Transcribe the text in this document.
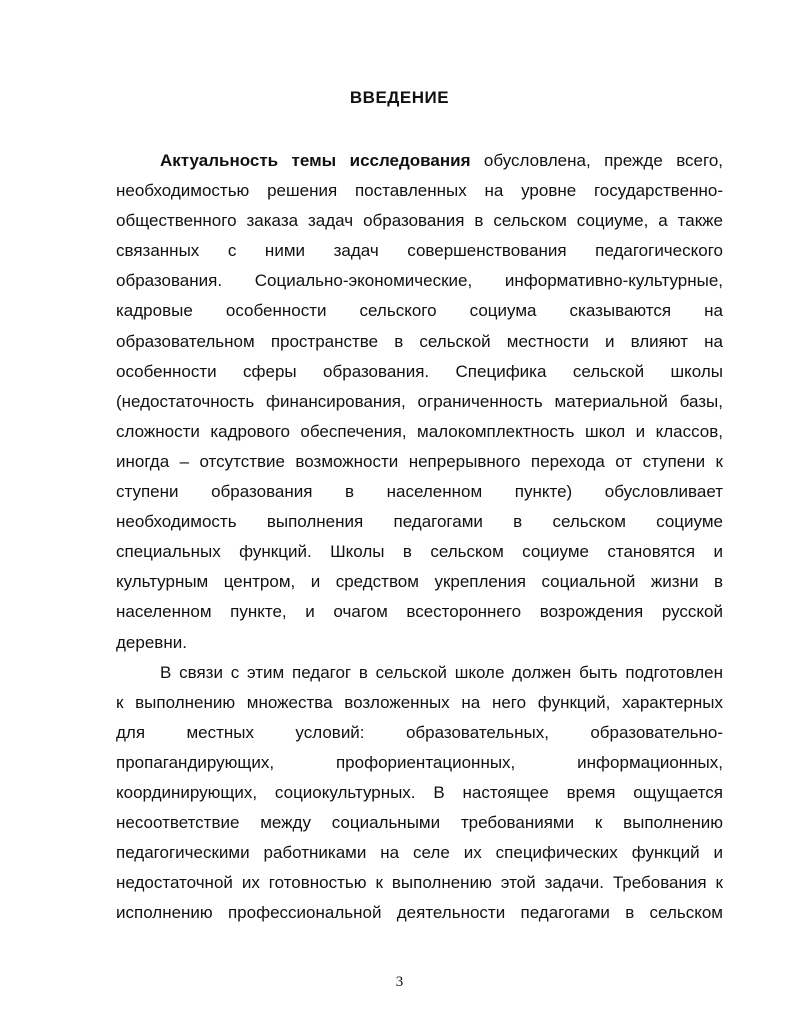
ВВЕДЕНИЕ
Актуальность темы исследования обусловлена, прежде всего,
необходимостью решения поставленных на уровне государственно-
общественного заказа задач образования в сельском социуме, а также
связанных с ними задач совершенствования педагогического
образования. Социально-экономические, информативно-культурные,
кадровые особенности сельского социума сказываются на
образовательном пространстве в сельской местности и влияют на
особенности сферы образования. Специфика сельской школы
(недостаточность финансирования, ограниченность материальной базы,
сложности кадрового обеспечения, малокомплектность школ и классов,
иногда – отсутствие возможности непрерывного перехода от ступени к
ступени образования в населенном пункте) обусловливает
необходимость выполнения педагогами в сельском социуме
специальных функций. Школы в сельском социуме становятся и
культурным центром, и средством укрепления социальной жизни в
населенном пункте, и очагом всестороннего возрождения русской
деревни.
В связи с этим педагог в сельской школе должен быть подготовлен
к выполнению множества возложенных на него функций, характерных
для местных условий: образовательных, образовательно-
пропагандирующих, профориентационных, информационных,
координирующих, социокультурных. В настоящее время ощущается
несоответствие между социальными требованиями к выполнению
педагогическими работниками на селе их специфических функций и
недостаточной их готовностью к выполнению этой задачи. Требования к
исполнению профессиональной деятельности педагогами в сельском
3
